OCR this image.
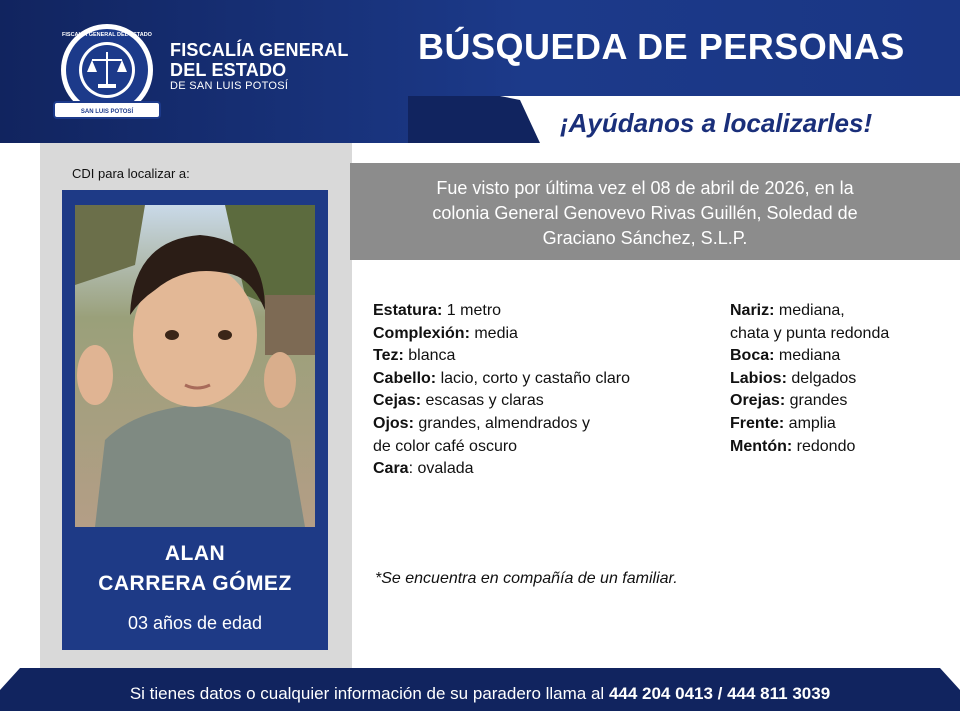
SAN LUIS POTOSÍ
FISCALÍA GENERAL DEL ESTADO
FISCALÍA GENERAL
DEL ESTADO
DE SAN LUIS POTOSÍ
BÚSQUEDA DE PERSONAS
¡Ayúdanos a localizarles!
CDI para localizar a:
ALAN
CARRERA GÓMEZ
03 años de edad
Fue visto por última vez el 08 de abril de 2026, en la
colonia General Genovevo Rivas Guillén, Soledad de
Graciano Sánchez, S.L.P.
Estatura: 1 metro
Complexión: media
Tez: blanca
Cabello: lacio, corto y castaño claro
Cejas: escasas y claras
Ojos: grandes, almendrados y
de color café oscuro
Cara: ovalada
Nariz: mediana,
chata y punta redonda
Boca: mediana
Labios: delgados
Orejas: grandes
Frente: amplia
Mentón: redondo
*Se encuentra en compañía de un familiar.
Si tienes datos o cualquier información de su paradero llama al 444 204 0413 / 444 811 3039
